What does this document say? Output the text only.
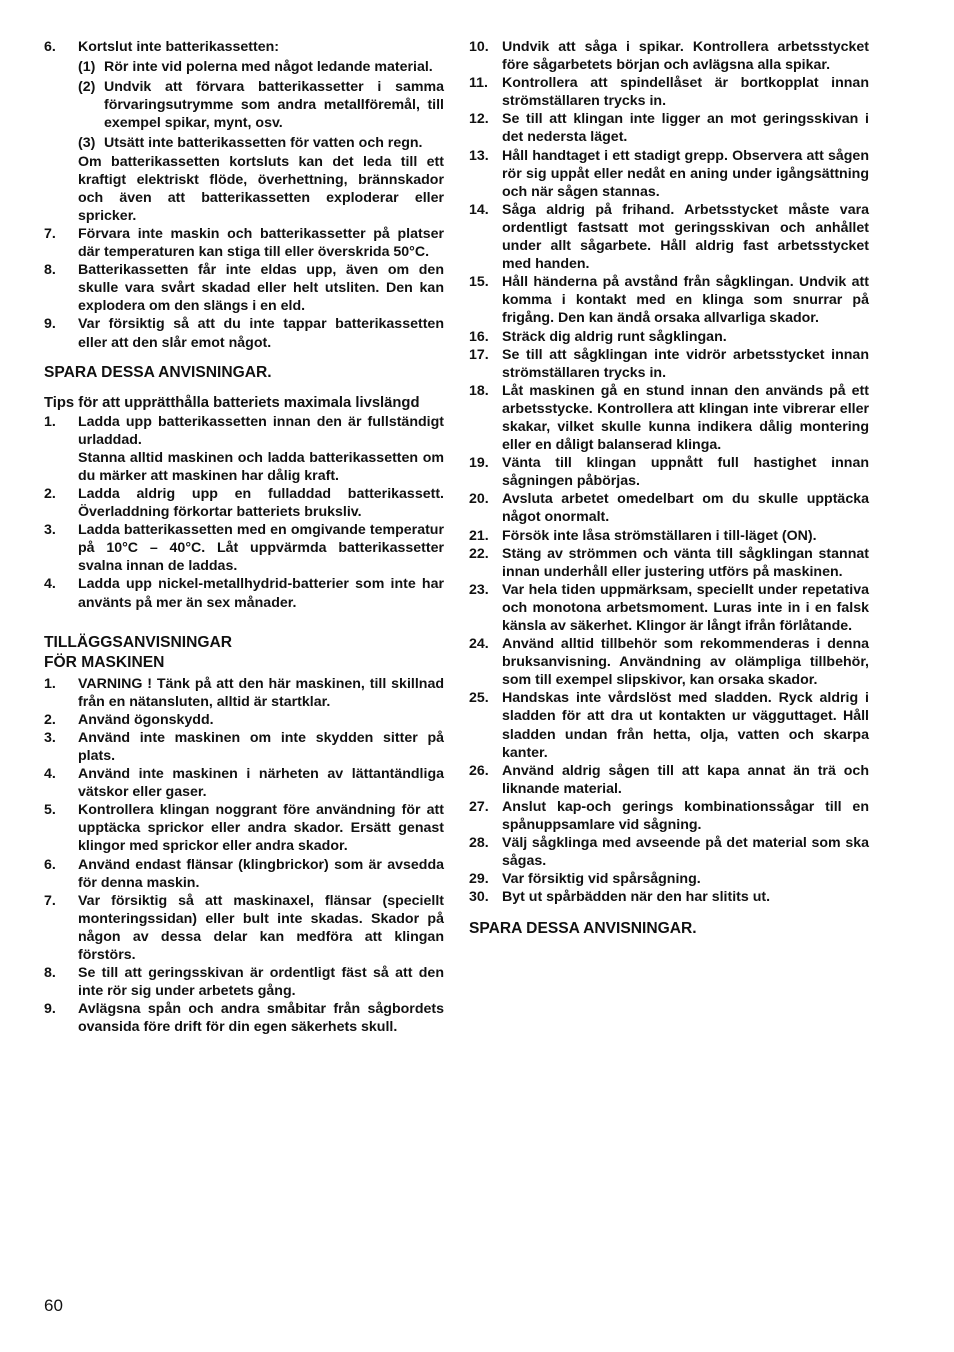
6. Kortslut inte batterikassetten:
(1) Rör inte vid polerna med något ledande material.
(2) Undvik att förvara batterikassetter i samma förvaringsutrymme som andra metallföremål, till exempel spikar, mynt, osv.
(3) Utsätt inte batterikassetten för vatten och regn.
Om batterikassetten kortsluts kan det leda till ett kraftigt elektriskt flöde, överhettning, brännskador och även att batterikassetten exploderar eller spricker.
7. Förvara inte maskin och batterikassetter på platser där temperaturen kan stiga till eller överskrida 50°C.
8. Batterikassetten får inte eldas upp, även om den skulle vara svårt skadad eller helt utsliten. Den kan explodera om den slängs i en eld.
9. Var försiktig så att du inte tappar batterikassetten eller att den slår emot något.
SPARA DESSA ANVISNINGAR.
Tips för att upprätthålla batteriets maximala livslängd
1. Ladda upp batterikassetten innan den är fullständigt urladdad.
Stanna alltid maskinen och ladda batterikassetten om du märker att maskinen har dålig kraft.
2. Ladda aldrig upp en fulladdad batterikassett. Överladdning förkortar batteriets bruksliv.
3. Ladda batterikassetten med en omgivande temperatur på 10°C – 40°C. Låt uppvärmda batterikassetter svalna innan de laddas.
4. Ladda upp nickel-metallhydrid-batterier som inte har använts på mer än sex månader.
TILLÄGGSANVISNINGAR
FÖR MASKINEN
1. VARNING ! Tänk på att den här maskinen, till skillnad från en nätansluten, alltid är startklar.
2. Använd ögonskydd.
3. Använd inte maskinen om inte skydden sitter på plats.
4. Använd inte maskinen i närheten av lättantändliga vätskor eller gaser.
5. Kontrollera klingan noggrant före användning för att upptäcka sprickor eller andra skador. Ersätt genast klingor med sprickor eller andra skador.
6. Använd endast flänsar (klingbrickor) som är avsedda för denna maskin.
7. Var försiktig så att maskinaxel, flänsar (speciellt monteringssidan) eller bult inte skadas. Skador på någon av dessa delar kan medföra att klingan förstörs.
8. Se till att geringsskivan är ordentligt fäst så att den inte rör sig under arbetets gång.
9. Avlägsna spån och andra småbitar från sågbordets ovansida före drift för din egen säkerhets skull.
10. Undvik att såga i spikar. Kontrollera arbetsstycket före sågarbetets början och avlägsna alla spikar.
11. Kontrollera att spindellåset är bortkopplat innan strömställaren trycks in.
12. Se till att klingan inte ligger an mot geringsskivan i det nedersta läget.
13. Håll handtaget i ett stadigt grepp. Observera att sågen rör sig uppåt eller nedåt en aning under igångsättning och när sågen stannas.
14. Såga aldrig på frihand. Arbetsstycket måste vara ordentligt fastsatt mot geringsskivan och anhållet under allt sågarbete. Håll aldrig fast arbetsstycket med handen.
15. Håll händerna på avstånd från sågklingan. Undvik att komma i kontakt med en klinga som snurrar på frigång. Den kan ändå orsaka allvarliga skador.
16. Sträck dig aldrig runt sågklingan.
17. Se till att sågklingan inte vidrör arbetsstycket innan strömställaren trycks in.
18. Låt maskinen gå en stund innan den används på ett arbetsstycke. Kontrollera att klingan inte vibrerar eller skakar, vilket skulle kunna indikera dålig montering eller en dåligt balanserad klinga.
19. Vänta till klingan uppnått full hastighet innan sågningen påbörjas.
20. Avsluta arbetet omedelbart om du skulle upptäcka något onormalt.
21. Försök inte låsa strömställaren i till-läget (ON).
22. Stäng av strömmen och vänta till sågklingan stannat innan underhåll eller justering utförs på maskinen.
23. Var hela tiden uppmärksam, speciellt under repetativa och monotona arbetsmoment. Luras inte in i en falsk känsla av säkerhet. Klingor är långt ifrån förlåtande.
24. Använd alltid tillbehör som rekommenderas i denna bruksanvisning. Användning av olämpliga tillbehör, som till exempel slipskivor, kan orsaka skador.
25. Handskas inte vårdslöst med sladden. Ryck aldrig i sladden för att dra ut kontakten ur vägguttaget. Håll sladden undan från hetta, olja, vatten och skarpa kanter.
26. Använd aldrig sågen till att kapa annat än trä och liknande material.
27. Anslut kap-och gerings kombinationssågar till en spånuppsamlare vid sågning.
28. Välj sågklinga med avseende på det material som ska sågas.
29. Var försiktig vid spårsågning.
30. Byt ut spårbädden när den har slitits ut.
SPARA DESSA ANVISNINGAR.
60
